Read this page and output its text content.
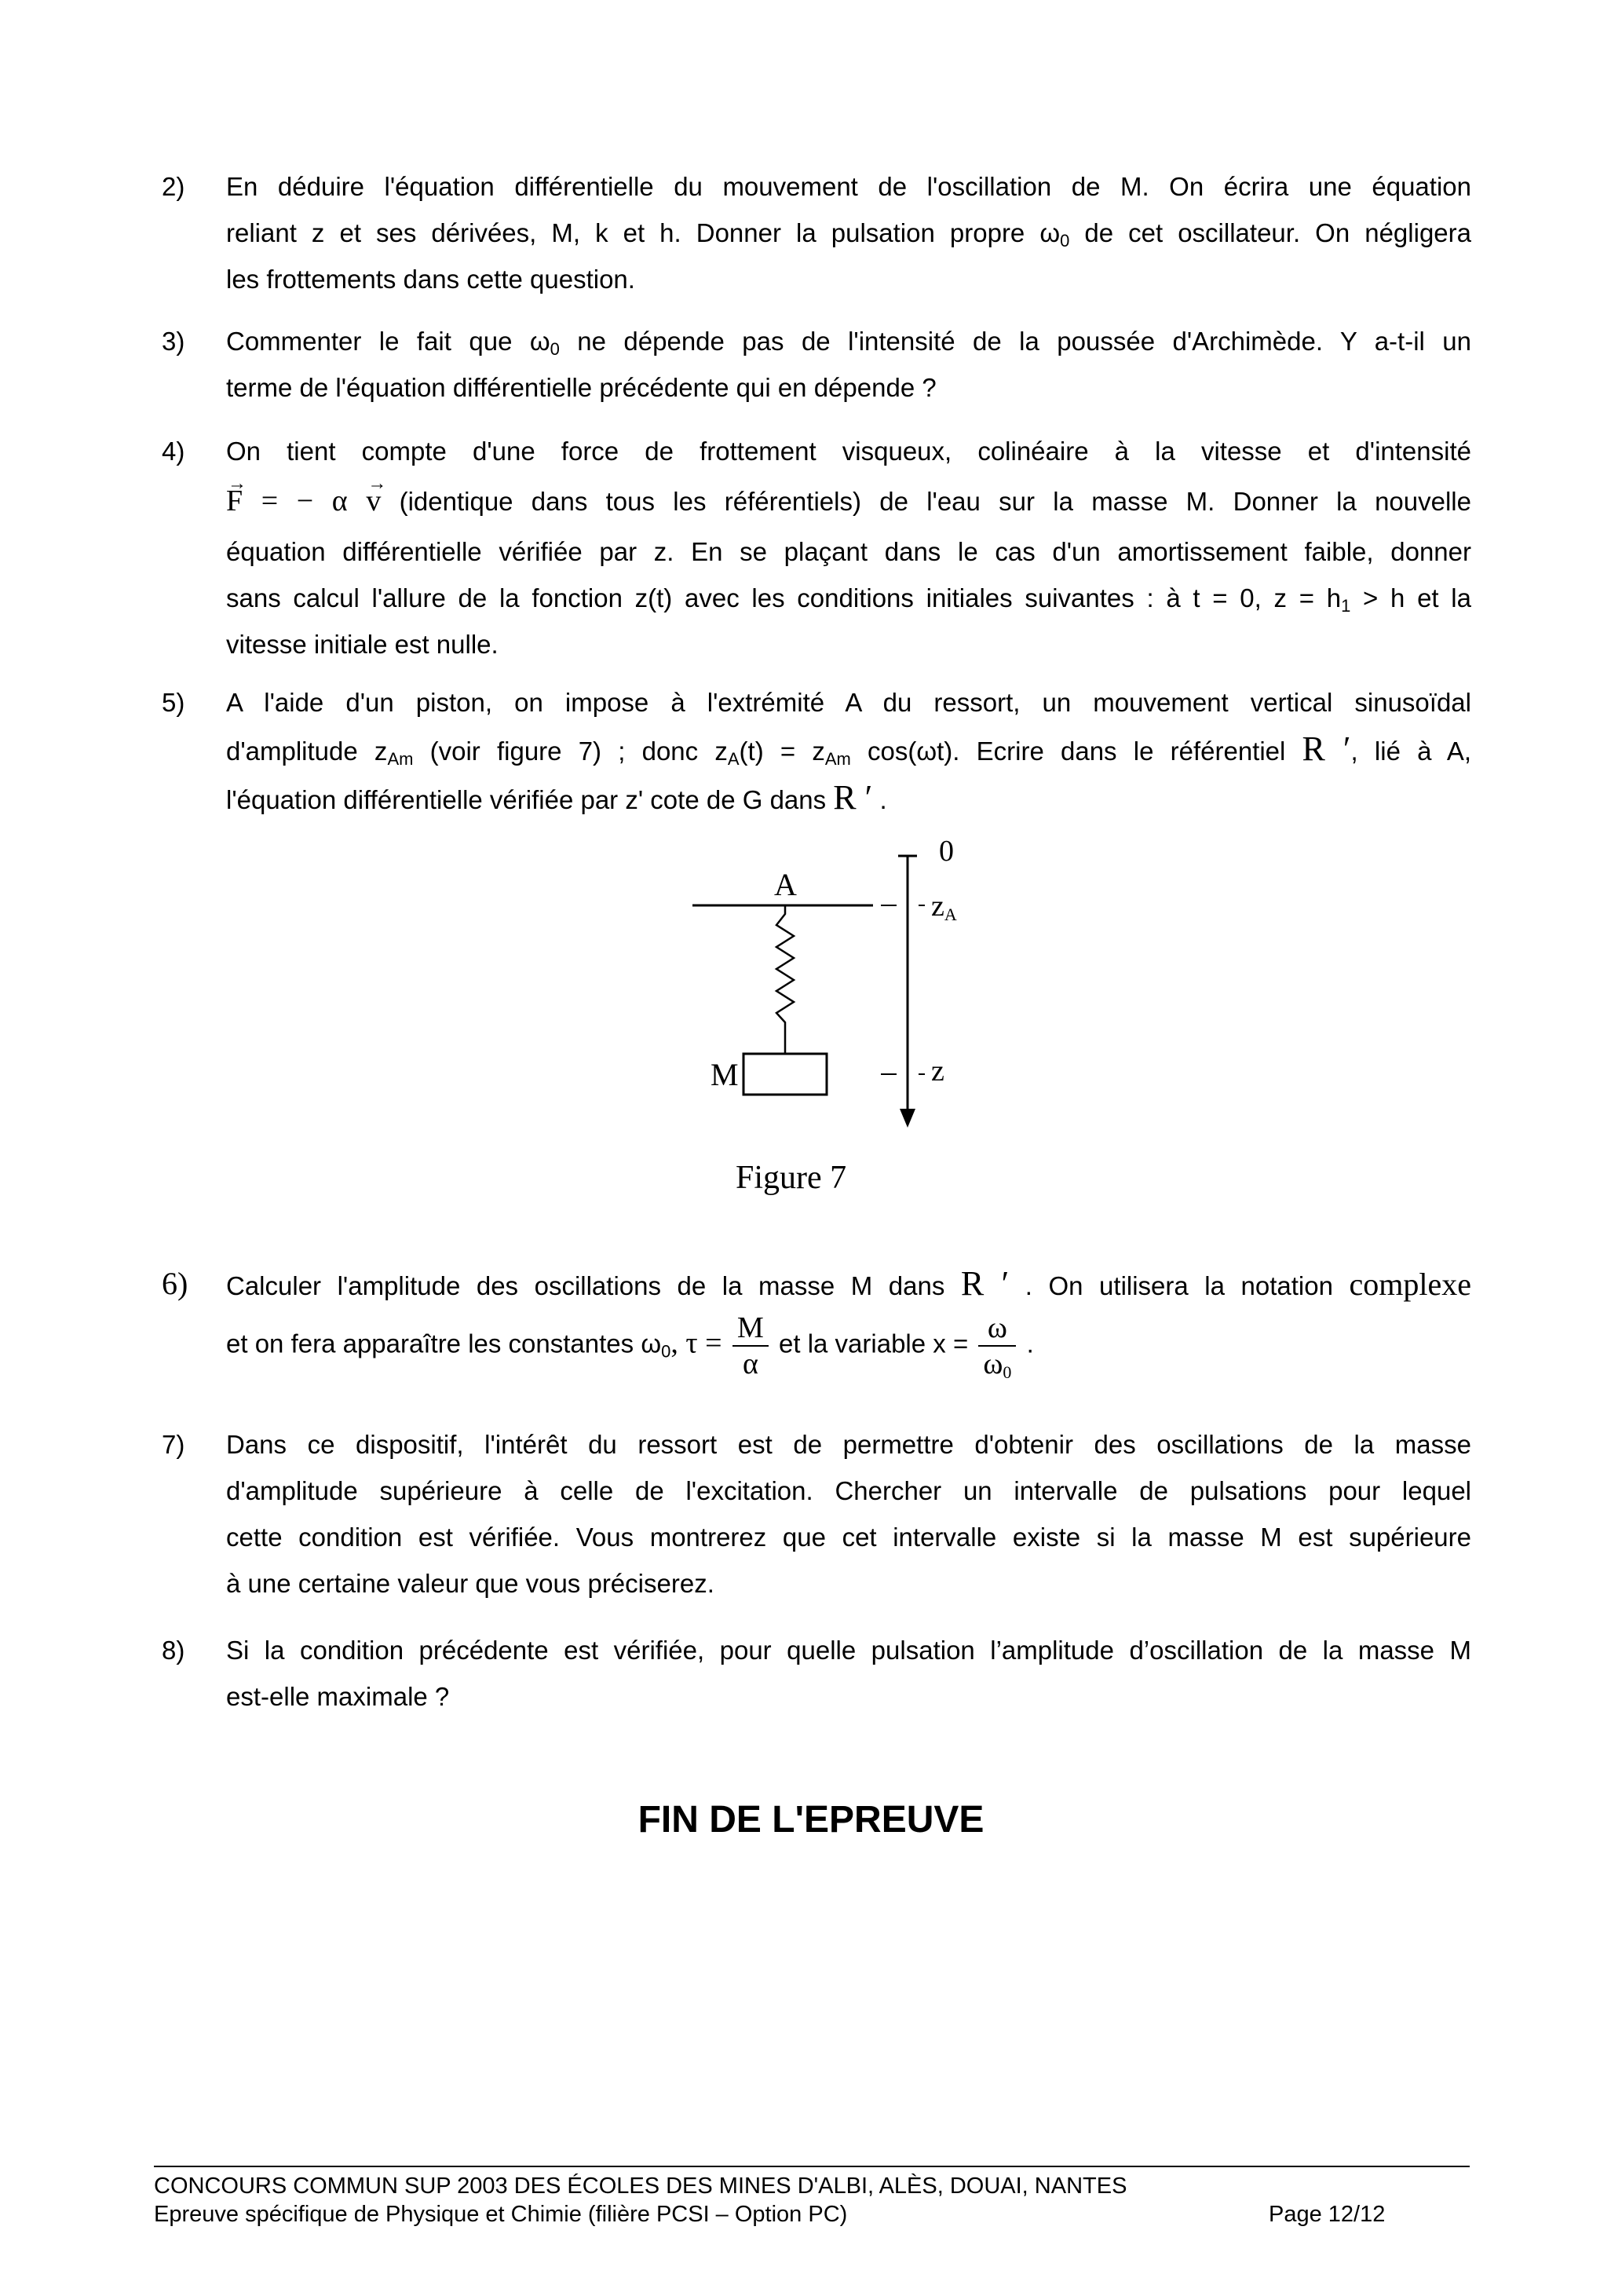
2) En déduire l'équation différentielle du mouvement de l'oscillation de M. On écrira une équation
reliant z et ses dérivées, M, k et h. Donner la pulsation propre $\omega_0$ de cet oscillateur. On négligera
les frottements dans cette question.
3) Commenter le fait que $\omega_0$ ne dépende pas de l'intensité de la poussée d'Archimède. Y a-t-il un
terme de l'équation différentielle précédente qui en dépende ?
4) On tient compte d'une force de frottement visqueux, colinéaire à la vitesse et d'intensité
→ F = − α → v (identique dans tous les référentiels) de l'eau sur la masse M. Donner la nouvelle
équation différentielle vérifiée par z. En se plaçant dans le cas d'un amortissement faible, donner
sans calcul l'allure de la fonction z(t) avec les conditions initiales suivantes : à t = 0, $z = h_1 > h$ et la
vitesse initiale est nulle.
5) A l'aide d'un piston, on impose à l'extrémité A du ressort, un mouvement vertical sinusoïdal
d'amplitude $z_{Am}$ (voir figure 7) ; donc $z_A(t) = z_{Am}$ cos(ωt). Ecrire dans le référentiel R ′, lié à A,
l'équation différentielle vérifiée par z' cote de G dans R ′ .
A
M
0
zA
z
Figure 7
6) Calculer l'amplitude des oscillations de la masse M dans R ′ . On utilisera la notation complexe
et on fera apparaître les constantes $\omega_0$, $\tau = \frac{M}{\alpha}$ et la variable $x = \frac{\omega}{\omega_0}$ .
7) Dans ce dispositif, l'intérêt du ressort est de permettre d'obtenir des oscillations de la masse
d'amplitude supérieure à celle de l'excitation. Chercher un intervalle de pulsations pour lequel
cette condition est vérifiée. Vous montrerez que cet intervalle existe si la masse M est supérieure
à une certaine valeur que vous préciserez.
8) Si la condition précédente est vérifiée, pour quelle pulsation l’amplitude d’oscillation de la masse M
est-elle maximale ?
FIN DE L'EPREUVE
CONCOURS COMMUN SUP 2003 DES ÉCOLES DES MINES D'ALBI, ALÈS, DOUAI, NANTES
Epreuve spécifique de Physique et Chimie (filière PCSI – Option PC)	Page 12/12
